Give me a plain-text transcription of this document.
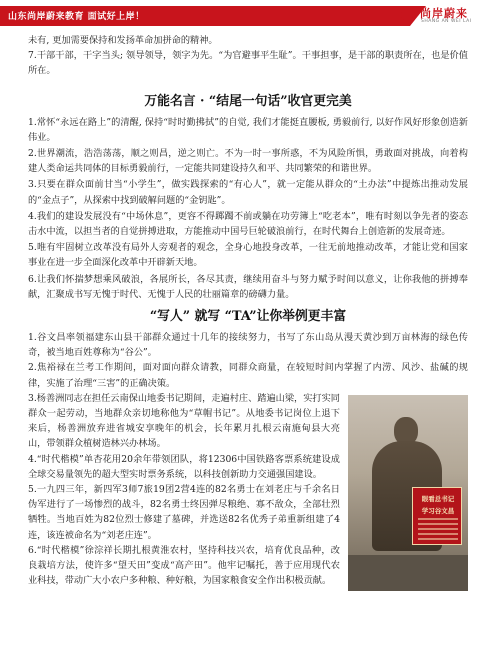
山东尚岸蔚来教育 面试好上岸！	尚岸蔚来
SHANG AN WEI LAI

未有, 更加需要保持和发扬革命加拼命的精神。

7.干部干部，干字当头; 领导领导，领字为先。“为官避事平生耻”。干事担事，是干部的职责所在，也是价值所在。

万能名言 · “结尾一句话”收官更完美

1.常怀“永远在路上”的清醒, 保持“时时勤拂拭”的自觉, 我们才能挺直腰板, 勇毅前行, 以好作风好形象创造新伟业。

2.世界潮流，浩浩荡荡，顺之则昌，逆之则亡。不为一时一事所惑，不为风险所惧，勇敢面对挑战，向着构建人类命运共同体的目标勇毅前行，一定能共同建设持久和平、共同繁荣的和谐世界。

3.只要在群众面前甘当“小学生”，做实践探索的“有心人”，就一定能从群众的“土办法”中提炼出推动发展的“金点子”，从探索中找到破解问题的“金钥匙”。

4.我们的建设发展没有“中场休息”，更容不得踯躅不前或躺在功劳簿上“吃老本”，唯有时刻以争先者的姿态击水中流，以担当者的自觉拼搏进取，方能推动中国号巨轮破浪前行，在时代舞台上创造新的发展奇迹。

5.唯有牢固树立改革没有局外人旁观者的观念，全身心地投身改革，一往无前地推动改革，才能让党和国家事业在进一步全面深化改革中开辟新天地。

6.让我们怀揣梦想乘风破浪，各展所长，各尽其责，继续用奋斗与努力赋予时间以意义，让你我他的拼搏奉献，汇聚成书写无愧于时代、无愧于人民的壮丽篇章的磅礴力量。

“写人” 就写 “TA”让你举例更丰富

1.谷文昌率领福建东山县干部群众通过十几年的接续努力，书写了东山岛从漫天黄沙到万亩林海的绿色传奇，被当地百姓尊称为“谷公”。

2.焦裕禄在兰考工作期间，面对面向群众请教，同群众商量，在较短时间内掌握了内涝、风沙、盐碱的规律，实施了治理“三害”的正确决策。

眼看总书记
学习谷文昌

3.杨善洲同志在担任云南保山地委书记期间，走遍村庄、踏遍山梁，实打实同群众一起劳动，当地群众亲切地称他为“草帽书记”。从地委书记岗位上退下来后，杨善洲放弃进省城安享晚年的机会，长年累月扎根云南施甸县大亮山，带领群众植树造林兴办林场。

4.“时代楷模”单杏花用20余年带领团队，将12306中国铁路客票系统建设成全球交易量领先的超大型实时票务系统，以科技创新助力交通强国建设。

5.一九四三年，新四军3师7旅19团2营4连的82名勇士在刘老庄与千余名日伪军进行了一场惨烈的战斗，82名勇士终因弹尽粮绝、寡不敌众，全部壮烈牺牲。当地百姓为82位烈士修建了墓碑，并选送82名优秀子弟重新组建了4连，该连被命名为“刘老庄连”。

6.“时代楷模”徐淙祥长期扎根黄淮农村，坚持科技兴农，培育优良品种，改良栽培方法，使许多“望天田”变成“高产田”。他牢记嘱托，善于应用现代农业科技，带动广大小农户多种粮、种好粮，为国家粮食安全作出积极贡献。
